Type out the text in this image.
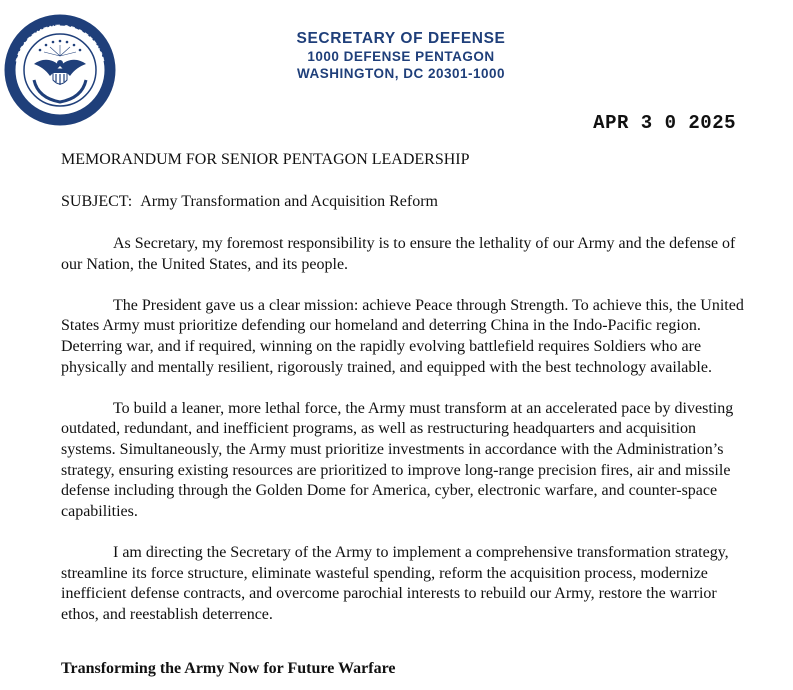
DEPARTMENT OF DEFENSE
UNITED STATES OF AMERICA
SECRETARY OF DEFENSE
1000 DEFENSE PENTAGON
WASHINGTON, DC 20301-1000
APR 3 0 2025
MEMORANDUM FOR SENIOR PENTAGON LEADERSHIP
SUBJECT: Army Transformation and Acquisition Reform

As Secretary, my foremost responsibility is to ensure the lethality of our Army and the defense of our Nation, the United States, and its people.

The President gave us a clear mission: achieve Peace through Strength. To achieve this, the United States Army must prioritize defending our homeland and deterring China in the Indo-Pacific region. Deterring war, and if required, winning on the rapidly evolving battlefield requires Soldiers who are physically and mentally resilient, rigorously trained, and equipped with the best technology available.

To build a leaner, more lethal force, the Army must transform at an accelerated pace by divesting outdated, redundant, and inefficient programs, as well as restructuring headquarters and acquisition systems. Simultaneously, the Army must prioritize investments in accordance with the Administration’s strategy, ensuring existing resources are prioritized to improve long-range precision fires, air and missile defense including through the Golden Dome for America, cyber, electronic warfare, and counter-space capabilities.

I am directing the Secretary of the Army to implement a comprehensive transformation strategy, streamline its force structure, eliminate wasteful spending, reform the acquisition process, modernize inefficient defense contracts, and overcome parochial interests to rebuild our Army, restore the warrior ethos, and reestablish deterrence.

Transforming the Army Now for Future Warfare
